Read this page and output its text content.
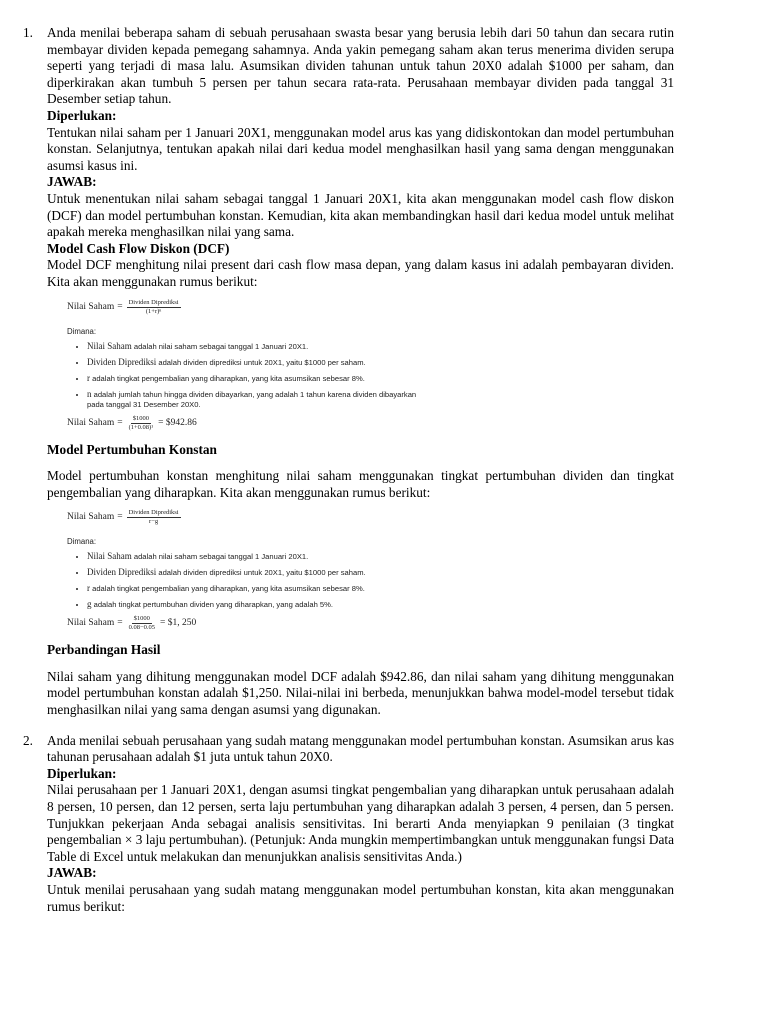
1. Anda menilai beberapa saham di sebuah perusahaan swasta besar yang berusia lebih dari 50 tahun dan secara rutin membayar dividen kepada pemegang sahamnya. Anda yakin pemegang saham akan terus menerima dividen serupa seperti yang terjadi di masa lalu. Asumsikan dividen tahunan untuk tahun 20X0 adalah $1000 per saham, dan diperkirakan akan tumbuh 5 persen per tahun secara rata-rata. Perusahaan membayar dividen pada tanggal 31 Desember setiap tahun.

Diperlukan:

Tentukan nilai saham per 1 Januari 20X1, menggunakan model arus kas yang didiskontokan dan model pertumbuhan konstan. Selanjutnya, tentukan apakah nilai dari kedua model menghasilkan hasil yang sama dengan menggunakan asumsi kasus ini.

JAWAB:

Untuk menentukan nilai saham sebagai tanggal 1 Januari 20X1, kita akan menggunakan model cash flow diskon (DCF) dan model pertumbuhan konstan. Kemudian, kita akan membandingkan hasil dari kedua model untuk melihat apakah mereka menghasilkan nilai yang sama.

Model Cash Flow Diskon (DCF)

Model DCF menghitung nilai present dari cash flow masa depan, yang dalam kasus ini adalah pembayaran dividen. Kita akan menggunakan rumus berikut:

Nilai Saham = $\frac{\text{Dividen Diprediksi}}{\text{(1+r)ⁿ}}$
Dimana:
• Nilai Saham adalah nilai saham sebagai tanggal 1 Januari 20X1.
• Dividen Diprediksi adalah dividen diprediksi untuk 20X1, yaitu $1000 per saham.
• r adalah tingkat pengembalian yang diharapkan, yang kita asumsikan sebesar 8%.
• n adalah jumlah tahun hingga dividen dibayarkan, yang adalah 1 tahun karena dividen dibayarkan pada tanggal 31 Desember 20X0.
Nilai Saham = $\frac{\$1000}{\text{(1+0.08)¹}}$ = $942.86

Model Pertumbuhan Konstan

Model pertumbuhan konstan menghitung nilai saham menggunakan tingkat pertumbuhan dividen dan tingkat pengembalian yang diharapkan. Kita akan menggunakan rumus berikut:

Nilai Saham = $\frac{\text{Dividen Diprediksi}}{r-g}$
Dimana:
• Nilai Saham adalah nilai saham sebagai tanggal 1 Januari 20X1.
• Dividen Diprediksi adalah dividen diprediksi untuk 20X1, yaitu $1000 per saham.
• r adalah tingkat pengembalian yang diharapkan, yang kita asumsikan sebesar 8%.
• g adalah tingkat pertumbuhan dividen yang diharapkan, yang adalah 5%.
Nilai Saham = $\frac{\$1000}{0.08-0.05}$ = $1, 250

Perbandingan Hasil

Nilai saham yang dihitung menggunakan model DCF adalah $942.86, dan nilai saham yang dihitung menggunakan model pertumbuhan konstan adalah $1,250. Nilai-nilai ini berbeda, menunjukkan bahwa model-model tersebut tidak menghasilkan nilai yang sama dengan asumsi yang digunakan.

2. Anda menilai sebuah perusahaan yang sudah matang menggunakan model pertumbuhan konstan. Asumsikan arus kas tahunan perusahaan adalah $1 juta untuk tahun 20X0.

Diperlukan:

Nilai perusahaan per 1 Januari 20X1, dengan asumsi tingkat pengembalian yang diharapkan untuk perusahaan adalah 8 persen, 10 persen, dan 12 persen, serta laju pertumbuhan yang diharapkan adalah 3 persen, 4 persen, dan 5 persen. Tunjukkan pekerjaan Anda sebagai analisis sensitivitas. Ini berarti Anda menyiapkan 9 penilaian (3 tingkat pengembalian × 3 laju pertumbuhan). (Petunjuk: Anda mungkin mempertimbangkan untuk menggunakan fungsi Data Table di Excel untuk melakukan dan menunjukkan analisis sensitivitas Anda.)

JAWAB:

Untuk menilai perusahaan yang sudah matang menggunakan model pertumbuhan konstan, kita akan menggunakan rumus berikut:
